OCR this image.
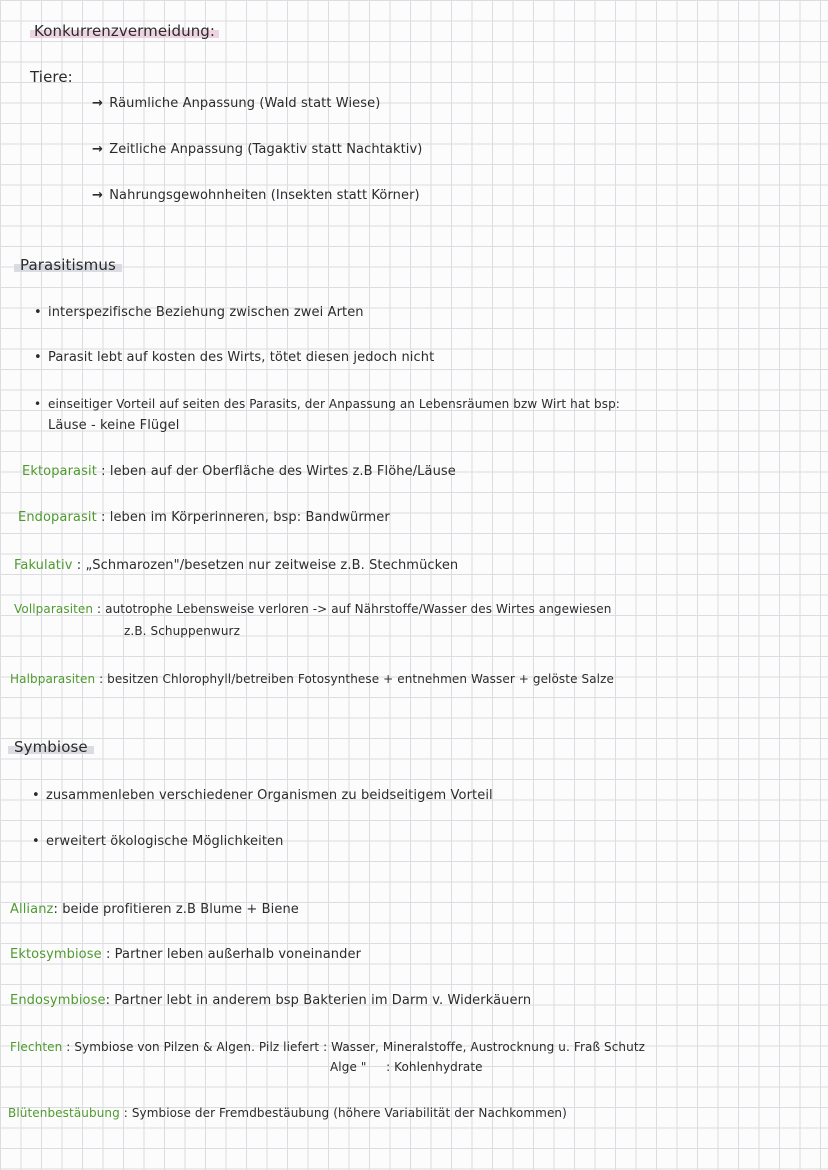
Konkurrenzvermeidung:
Tiere:
→ Räumliche Anpassung (Wald statt Wiese)
→ Zeitliche Anpassung (Tagaktiv statt Nachtaktiv)
→ Nahrungsgewohnheiten (Insekten statt Körner)
Parasitismus
• interspezifische Beziehung zwischen zwei Arten
• Parasit lebt auf kosten des Wirts, tötet diesen jedoch nicht
• einseitiger Vorteil auf seiten des Parasits, der Anpassung an Lebensräumen bzw Wirt hat bsp:
Läuse - keine Flügel
Ektoparasit : leben auf der Oberfläche des Wirtes z.B Flöhe/Läuse
Endoparasit : leben im Körperinneren, bsp: Bandwürmer
Fakulativ : „Schmarozen"/besetzen nur zeitweise z.B. Stechmücken
Vollparasiten : autotrophe Lebensweise verloren -> auf Nährstoffe/Wasser des Wirtes angewiesen
z.B. Schuppenwurz
Halbparasiten : besitzen Chlorophyll/betreiben Fotosynthese + entnehmen Wasser + gelöste Salze
Symbiose
• zusammenleben verschiedener Organismen zu beidseitigem Vorteil
• erweitert ökologische Möglichkeiten
Allianz: beide profitieren z.B Blume + Biene
Ektosymbiose : Partner leben außerhalb voneinander
Endosymbiose: Partner lebt in anderem bsp Bakterien im Darm v. Widerkäuern
Flechten : Symbiose von Pilzen & Algen. Pilz liefert : Wasser, Mineralstoffe, Austrocknung u. Fraß Schutz
Alge " : Kohlenhydrate
Blütenbestäubung : Symbiose der Fremdbestäubung (höhere Variabilität der Nachkommen)
